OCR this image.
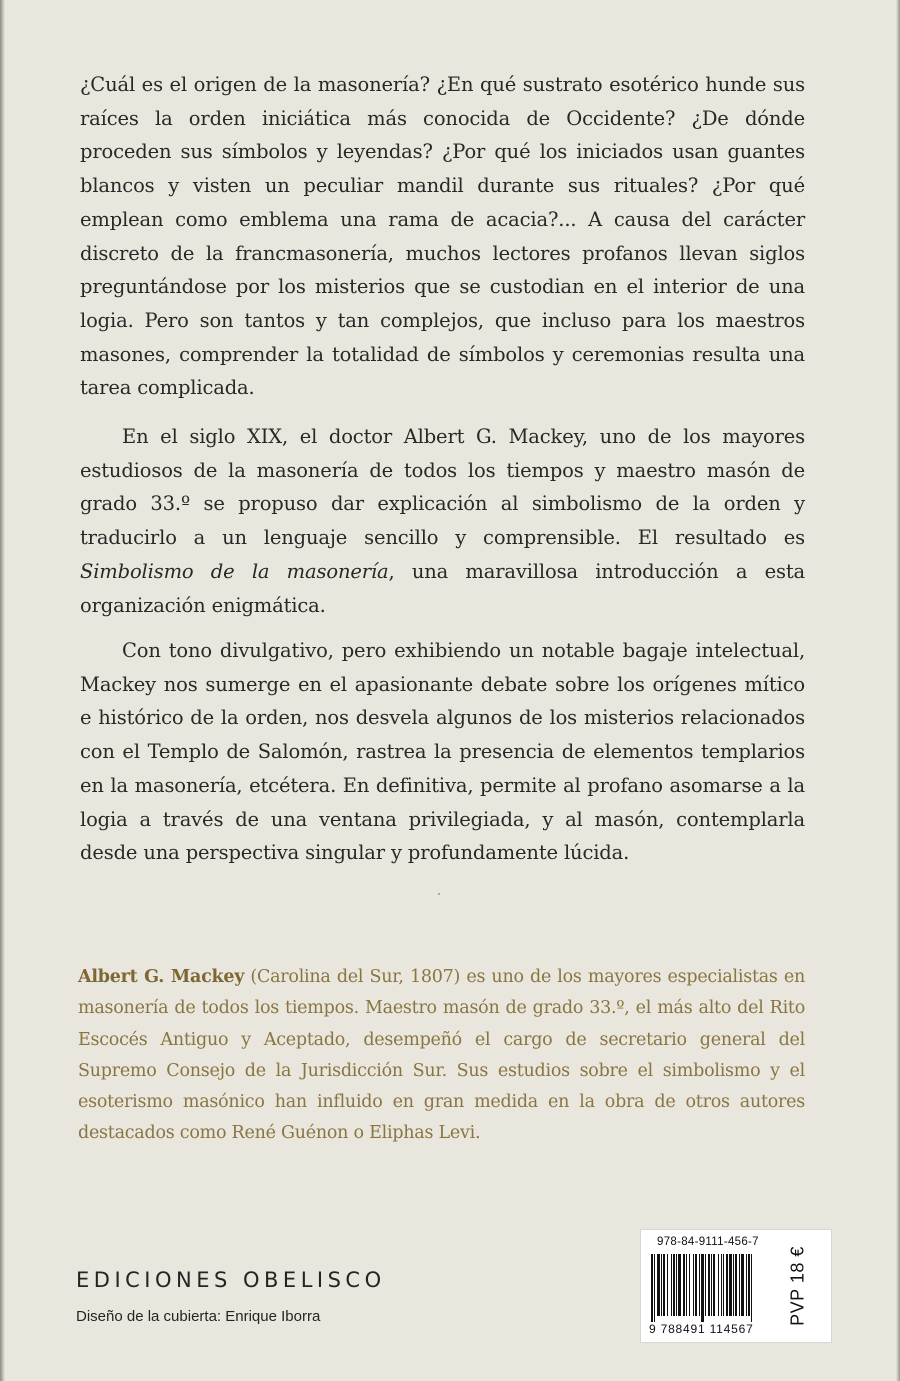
¿Cuál es el origen de la masonería? ¿En qué sustrato esotérico hunde sus raíces la orden iniciática más conocida de Occidente? ¿De dónde proceden sus símbolos y leyendas? ¿Por qué los iniciados usan guantes blancos y visten un peculiar mandil durante sus rituales? ¿Por qué emplean como emblema una rama de acacia?... A causa del carácter discreto de la francmasonería, muchos lectores profanos llevan siglos preguntándose por los misterios que se custodian en el interior de una logia. Pero son tantos y tan complejos, que incluso para los maestros masones, comprender la totalidad de símbolos y ceremonias resulta una tarea complicada.

En el siglo XIX, el doctor Albert G. Mackey, uno de los mayores estudiosos de la masonería de todos los tiempos y maestro masón de grado 33.º se propuso dar explicación al simbolismo de la orden y traducirlo a un lenguaje sencillo y comprensible. El resultado es Simbolismo de la masonería, una maravillosa introducción a esta organización enigmática.

Con tono divulgativo, pero exhibiendo un notable bagaje intelectual, Mackey nos sumerge en el apasionante debate sobre los orígenes mítico e histórico de la orden, nos desvela algunos de los misterios relacionados con el Templo de Salomón, rastrea la presencia de elementos templarios en la masonería, etcétera. En definitiva, permite al profano asomarse a la logia a través de una ventana privilegiada, y al masón, contemplarla desde una perspectiva singular y profundamente lúcida.

Albert G. Mackey (Carolina del Sur, 1807) es uno de los mayores especialistas en masonería de todos los tiempos. Maestro masón de grado 33.º, el más alto del Rito Escocés Antiguo y Aceptado, desempeñó el cargo de secretario general del Supremo Consejo de la Jurisdicción Sur. Sus estudios sobre el simbolismo y el esoterismo masónico han influido en gran medida en la obra de otros autores destacados como René Guénon o Eliphas Levi.

EDICIONES OBELISCO
Diseño de la cubierta: Enrique Iborra
978-84-9111-456-7
9 788491 114567
PVP 18 €
